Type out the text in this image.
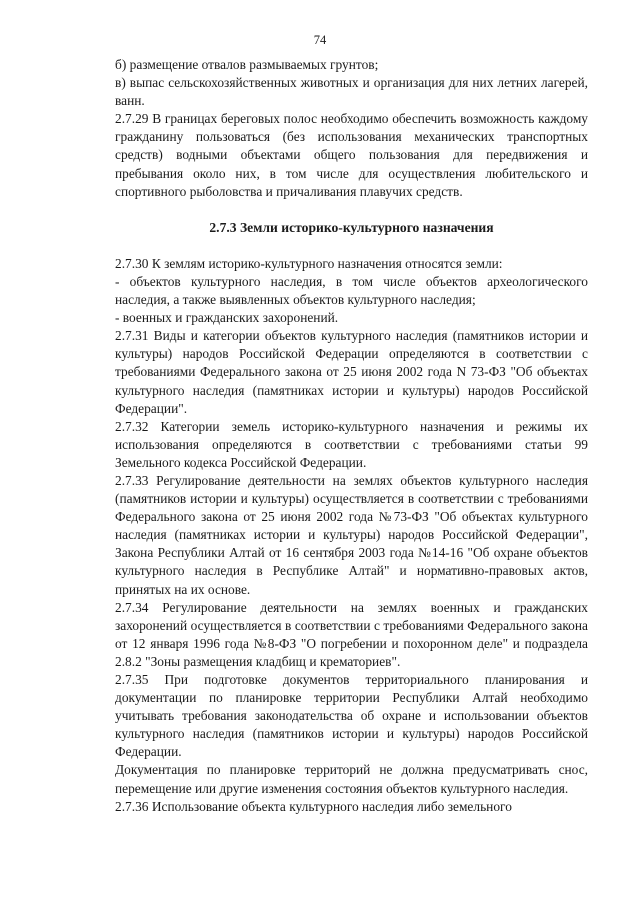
74

б) размещение отвалов размываемых грунтов;

в) выпас сельскохозяйственных животных и организация для них летних лагерей, ванн.

2.7.29 В границах береговых полос необходимо обеспечить возможность каждому гражданину пользоваться (без использования механических транспортных средств) водными объектами общего пользования для передвижения и пребывания около них, в том числе для осуществления любительского и спортивного рыболовства и причаливания плавучих средств.

2.7.3 Земли историко-культурного назначения

2.7.30 К землям историко-культурного назначения относятся земли:

- объектов культурного наследия, в том числе объектов археологического наследия, а также выявленных объектов культурного наследия;

- военных и гражданских захоронений.

2.7.31 Виды и категории объектов культурного наследия (памятников истории и культуры) народов Российской Федерации определяются в соответствии с требованиями Федерального закона от 25 июня 2002 года N 73-ФЗ "Об объектах культурного наследия (памятниках истории и культуры) народов Российской Федерации".

2.7.32 Категории земель историко-культурного назначения и режимы их использования определяются в соответствии с требованиями статьи 99 Земельного кодекса Российской Федерации.

2.7.33 Регулирование деятельности на землях объектов культурного наследия (памятников истории и культуры) осуществляется в соответствии с требованиями Федерального закона от 25 июня 2002 года №73-ФЗ "Об объектах культурного наследия (памятниках истории и культуры) народов Российской Федерации", Закона Республики Алтай от 16 сентября 2003 года №14-16 "Об охране объектов культурного наследия в Республике Алтай" и нормативно-правовых актов, принятых на их основе.

2.7.34 Регулирование деятельности на землях военных и гражданских захоронений осуществляется в соответствии с требованиями Федерального закона от 12 января 1996 года №8-ФЗ "О погребении и похоронном деле" и подраздела 2.8.2 "Зоны размещения кладбищ и крематориев".

2.7.35 При подготовке документов территориального планирования и документации по планировке территории Республики Алтай необходимо учитывать требования законодательства об охране и использовании объектов культурного наследия (памятников истории и культуры) народов Российской Федерации.

Документация по планировке территорий не должна предусматривать снос, перемещение или другие изменения состояния объектов культурного наследия.

2.7.36 Использование объекта культурного наследия либо земельного
